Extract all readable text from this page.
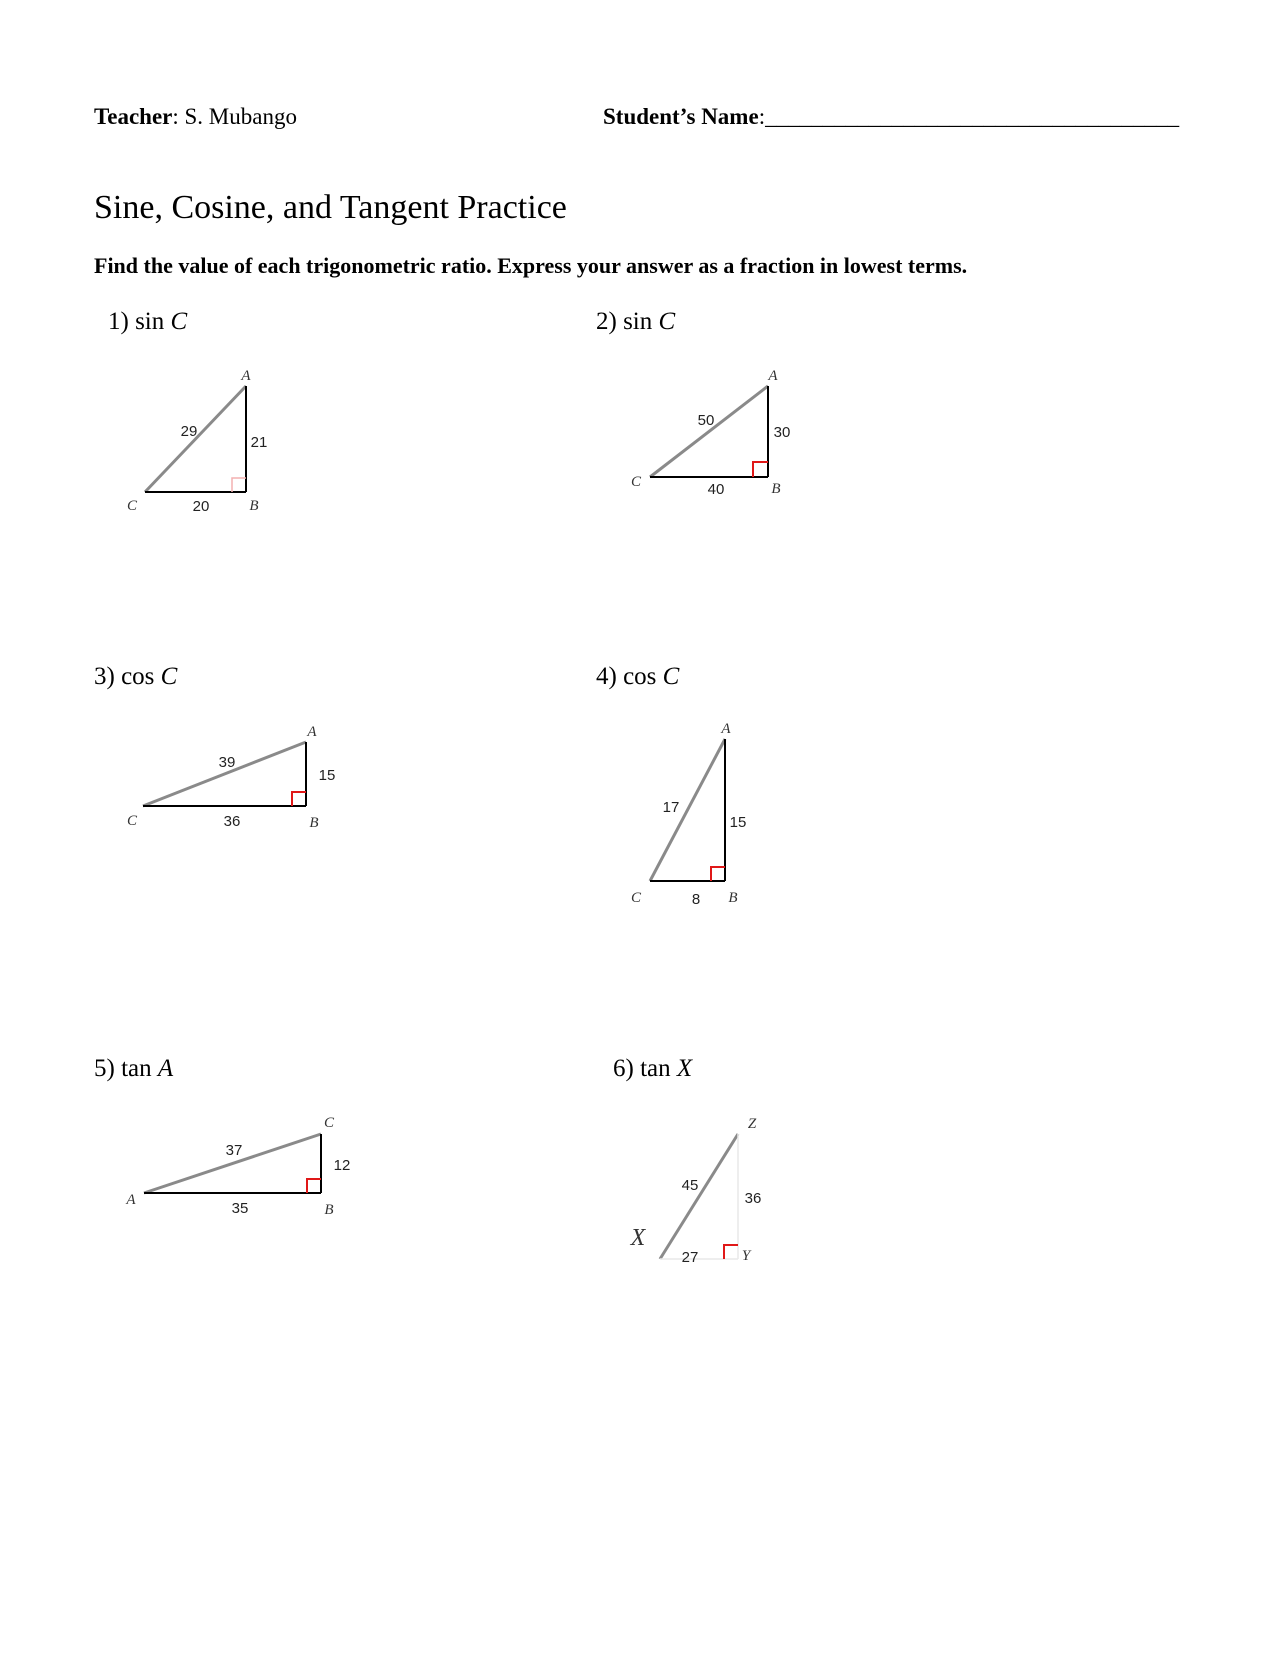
Teacher: S. Mubango	Student’s Name:____________________________________
Sine, Cosine, and Tangent Practice
Find the value of each trigonometric ratio. Express your answer as a fraction in lowest terms.
1) sin C	2) sin C
3) cos C	4) cos C
5) tan A	6) tan X
A
C	B
29
21
20
A
C	B
50
30
40
A
C	B
39
15
36
A
C	B
17
15
8
C
A
B
37
12
35
Z
X
Y
45
36
27
